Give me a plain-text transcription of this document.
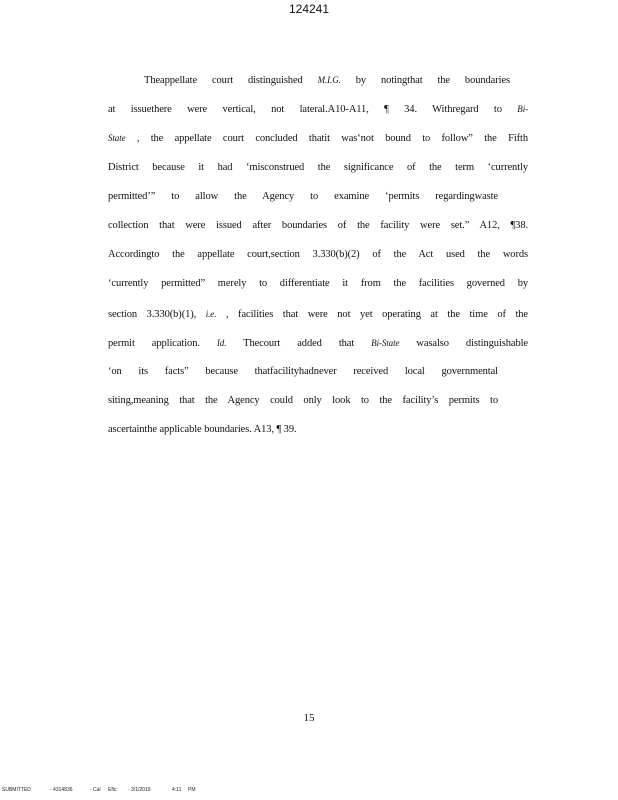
124241
Theappellate court distinguished M.I.G. by notingthat the boundaries
at issuethere were vertical, not lateral.A10-A11, ¶ 34. Withregard to Bi-
State , the appellate court concluded thatit was‘not bound to follow” the Fifth
District because it had ‘misconstrued the significance of the term ‘currently
permitted’” to allow the Agency to examine ‘permits regardingwaste
collection that were issued after boundaries of the facility were set.” A12, ¶38.
Accordingto the appellate court,section 3.330(b)(2) of the Act used the words
‘currently permitted” merely to differentiate it from the facilities governed by
section 3.330(b)(1), i.e. , facilities that were not yet operating at the time of the
permit application. Id. Thecourt added that Bi-State wasalso distinguishable
‘on its facts” because thatfacilityhadnever received local governmental
siting,meaning that the Agency could only look to the facility’s permits to
ascertainthe applicable boundaries. A13, ¶ 39.
15
SUBMITTED	- 4314836	- Cal Eflc: - 3/1/2019	4:11 PM
